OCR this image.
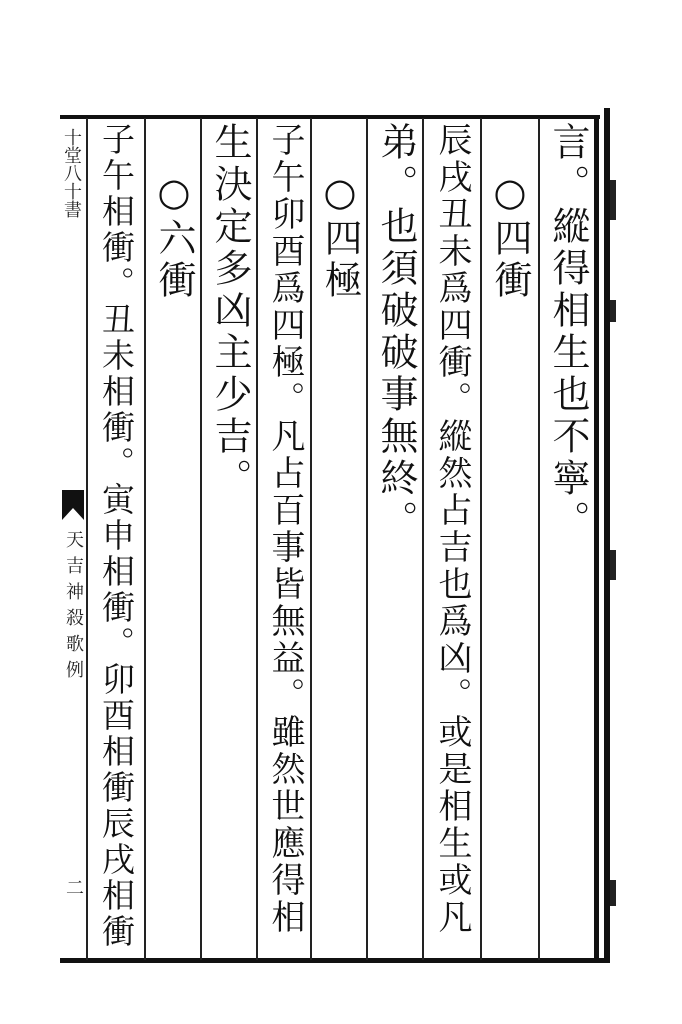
十堂八十書
天吉神殺歌例
二
言。縱得相生也不寧。
○四衝
辰戌丑未爲四衝。縱然占吉也爲凶。或是相生或凡
弟。也須破破事無終。
○四極
子午卯酉爲四極。凡占百事皆無益。雖然世應得相
生決定多凶主少吉。
○六衝
子午相衝。丑未相衝。寅申相衝。卯酉相衝辰戌相衝
